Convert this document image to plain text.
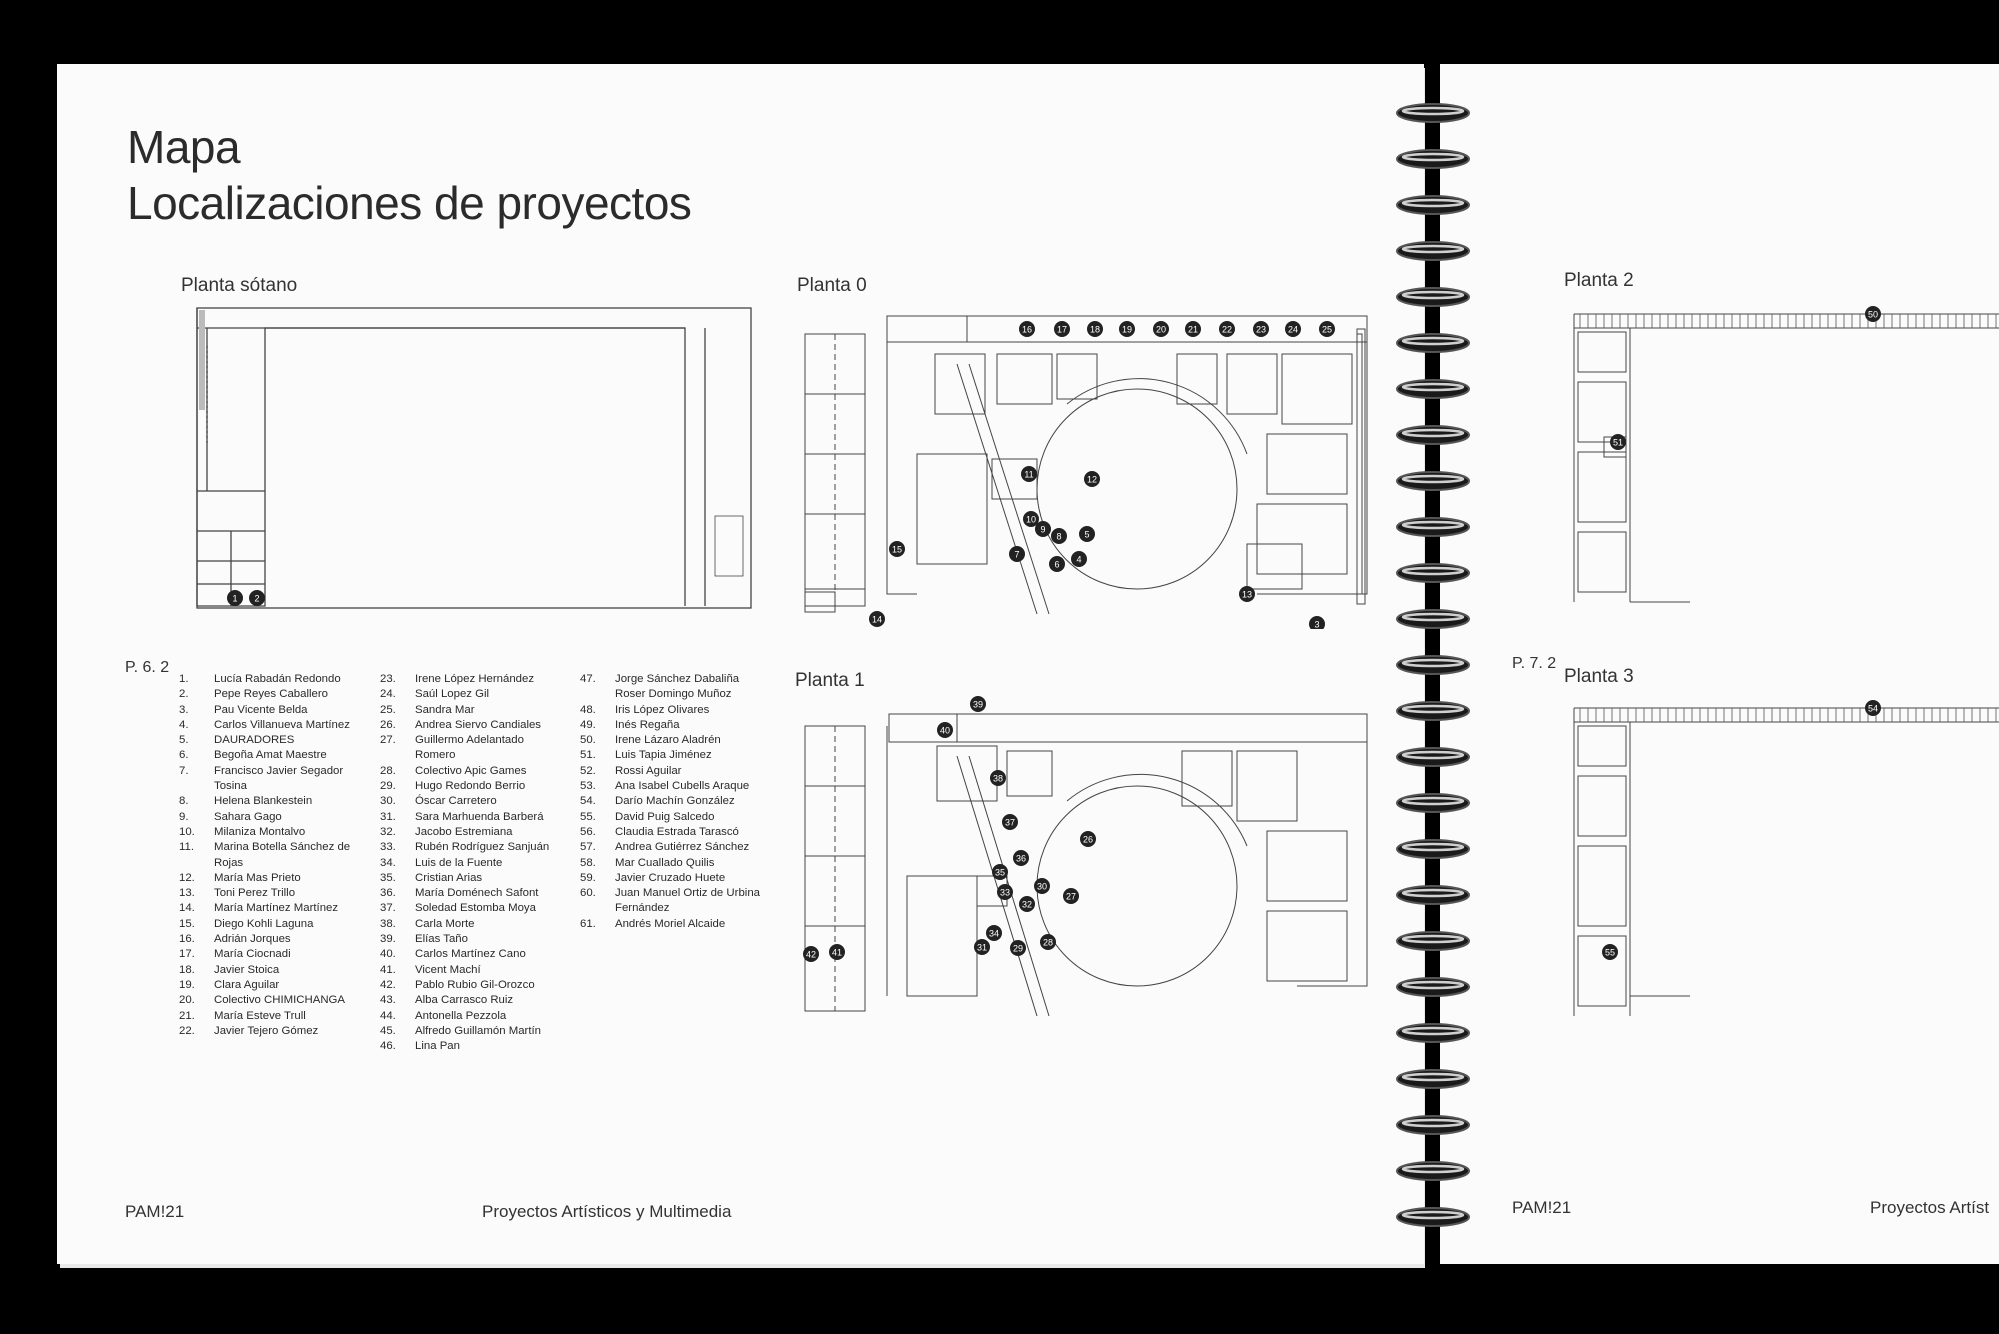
Mapa
Localizaciones de proyectos
Planta sótano	Planta 0
Planta 1
1 2
16	17	18 19	20 21	22	23 24	25
11	12
10
9
8	5
7
6 4
15
13
14	3
39
40
38
37
26
36
35
33
30
27
42 41	31
34
32
29
28
P. 6. 2
1.	Lucía Rabadán Redondo
2.	Pepe Reyes Caballero
3.	Pau Vicente Belda
4.	Carlos Villanueva Martínez
5.	DAURADORES
6.	Begoña Amat Maestre
7.	Francisco Javier Segador Tosina
8.	Helena Blankestein
9.	Sahara Gago
10.	Milaniza Montalvo
11.	Marina Botella Sánchez de Rojas
12.	María Mas Prieto
13.	Toni Perez Trillo
14.	María Martínez Martínez
15.	Diego Kohli Laguna
16.	Adrián Jorques
17.	María Ciocnadi
18.	Javier Stoica
19.	Clara Aguilar
20.	Colectivo CHIMICHANGA
21.	María Esteve Trull
22.	Javier Tejero Gómez
23.	Irene López Hernández
24.	Saúl Lopez Gil
25.	Sandra Mar
26.	Andrea Siervo Candiales
27.	Guillermo Adelantado Romero
28.	Colectivo Apic Games
29.	Hugo Redondo Berrio
30.	Óscar Carretero
31.	Sara Marhuenda Barberá
32.	Jacobo Estremiana
33.	Rubén Rodríguez Sanjuán
34.	Luis de la Fuente
35.	Cristian Arias
36.	María Doménech Safont
37.	Soledad Estomba Moya
38.	Carla Morte
39.	Elías Taño
40.	Carlos Martínez Cano
41.	Vicent Machí
42.	Pablo Rubio Gil-Orozco
43.	Alba Carrasco Ruiz
44.	Antonella Pezzola
45.	Alfredo Guillamón Martín
46.	Lina Pan
47.	Jorge Sánchez Dabaliña Roser Domingo Muñoz
48.	Iris López Olivares
49.	Inés Regaña
50.	Irene Lázaro Aladrén
51.	Luis Tapia Jiménez
52.	Rossi Aguilar
53.	Ana Isabel Cubells Araque
54.	Darío Machín González
55.	David Puig Salcedo
56.	Claudia Estrada Tarascó
57.	Andrea Gutiérrez Sánchez
58.	Mar Cuallado Quilis
59.	Javier Cruzado Huete
60.	Juan Manuel Ortiz de Urbina Fernández
61.	Andrés Moriel Alcaide
PAM!21	Proyectos Artísticos y Multimedia
Planta 2
Planta 3
P. 7. 2
50
51
54
55
PAM!21	Proyectos Artíst
